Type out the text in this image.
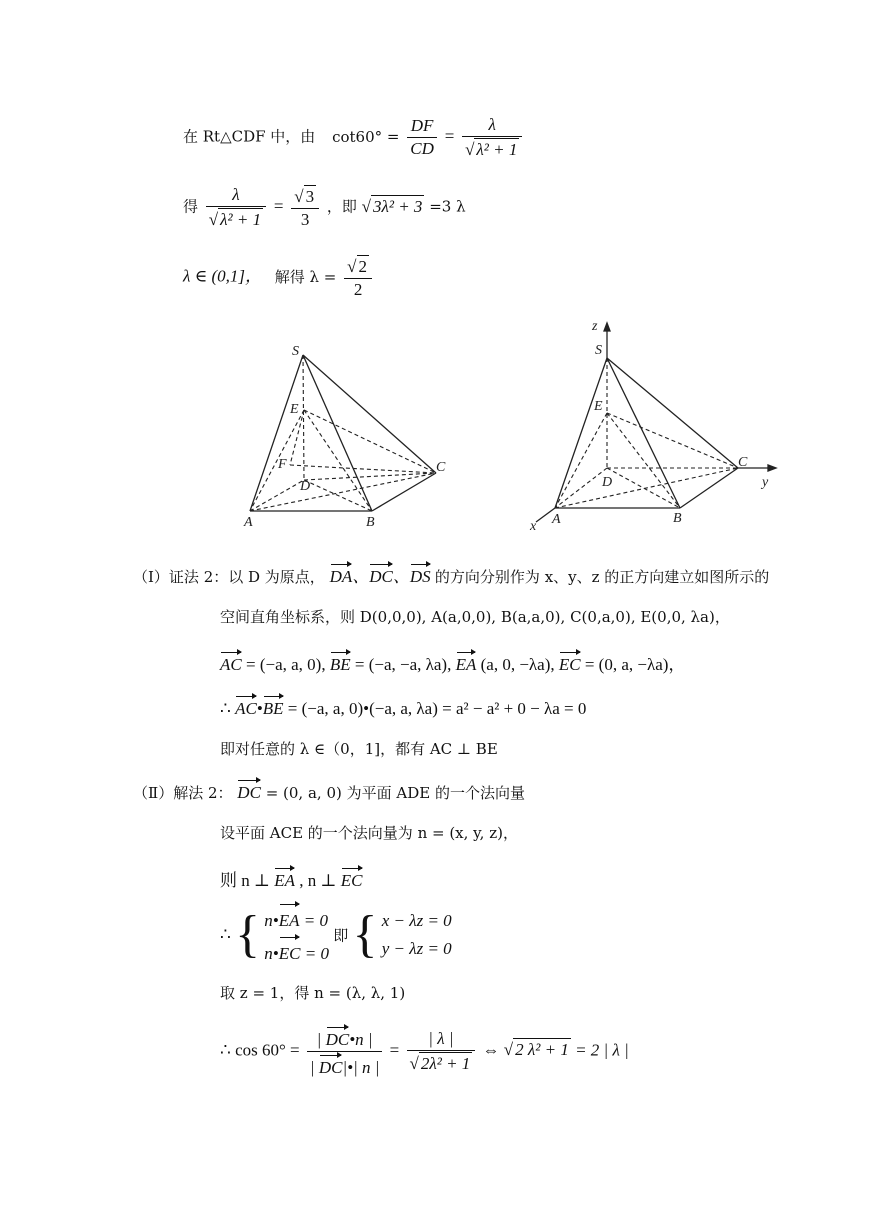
在 Rt△CDF 中，由 $\cot 60^\circ = \frac{DF}{CD} = \frac{\lambda}{\text{√ λ² + 1}}$
得 $\frac{\lambda}{\text{√ λ² + 1}} = \frac{√ 3}{3}$ ，即 √ 3λ² + 3 =3 λ
λ ∈ (0,1]， 解得 $\lambda = \frac{√ 2}{2}$
S
E
F
D
C
A	B
z
S
E
D
C
y
A	B
x
（Ⅰ）证法 2：以 D 为原点， DA、DC、DS 的方向分别作为 x、y、z 的正方向建立如图所示的
空间直角坐标系，则 D(0,0,0), A(a,0,0), B(a,a,0), C(0,a,0), E(0,0, λa)，
AC = (−a, a, 0), BE = (−a, −a, λa), EA (a, 0, −λa), EC = (0, a, −λa)，
∴ AC•BE = (−a, a, 0)•(−a, a, λa) = a² − a² + 0 − λa = 0
即对任意的 λ ∈（0，1]，都有 AC ⊥ BE
（Ⅱ）解法 2： DC = (0, a, 0) 为平面 ADE 的一个法向量
设平面 ACE 的一个法向量为 n = (x, y, z)，
则 n ⊥ EA , n ⊥ EC
∴ { n•EA = 0
n•EC = 0
即 { x − λz = 0
y − λz = 0
取 z = 1，得 n = (λ, λ, 1)
∴ $\cos 60^\circ = \frac{| DC•n |}{| DC|•| n |} = \frac{| \lambda |}{\text{√ 2λ² + 1}}$ ⇔ √ 2 λ² + 1 = 2 | λ |
